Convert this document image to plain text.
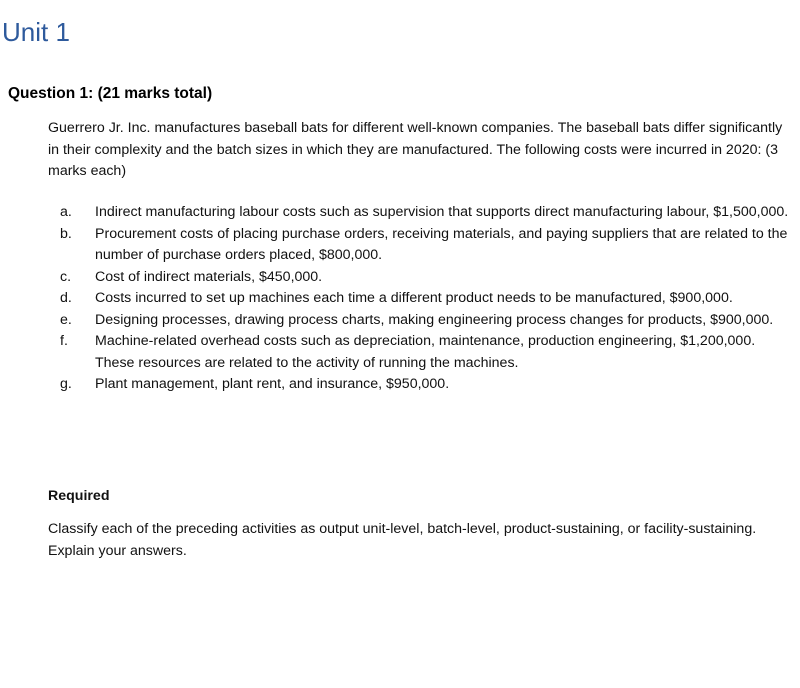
Unit 1
Question 1: (21 marks total)

Guerrero Jr. Inc. manufactures baseball bats for different well-known companies. The baseball bats differ significantly in their complexity and the batch sizes in which they are manufactured. The following costs were incurred in 2020: (3 marks each)

a.	Indirect manufacturing labour costs such as supervision that supports direct manufacturing labour, $1,500,000.
b.	Procurement costs of placing purchase orders, receiving materials, and paying suppliers that are related to the number of purchase orders placed, $800,000.
c.	Cost of indirect materials, $450,000.
d.	Costs incurred to set up machines each time a different product needs to be manufactured, $900,000.
e.	Designing processes, drawing process charts, making engineering process changes for products, $900,000.
f.	Machine-related overhead costs such as depreciation, maintenance, production engineering, $1,200,000. These resources are related to the activity of running the machines.
g.	Plant management, plant rent, and insurance, $950,000.

Required

Classify each of the preceding activities as output unit-level, batch-level, product-sustaining, or facility-sustaining. Explain your answers.
